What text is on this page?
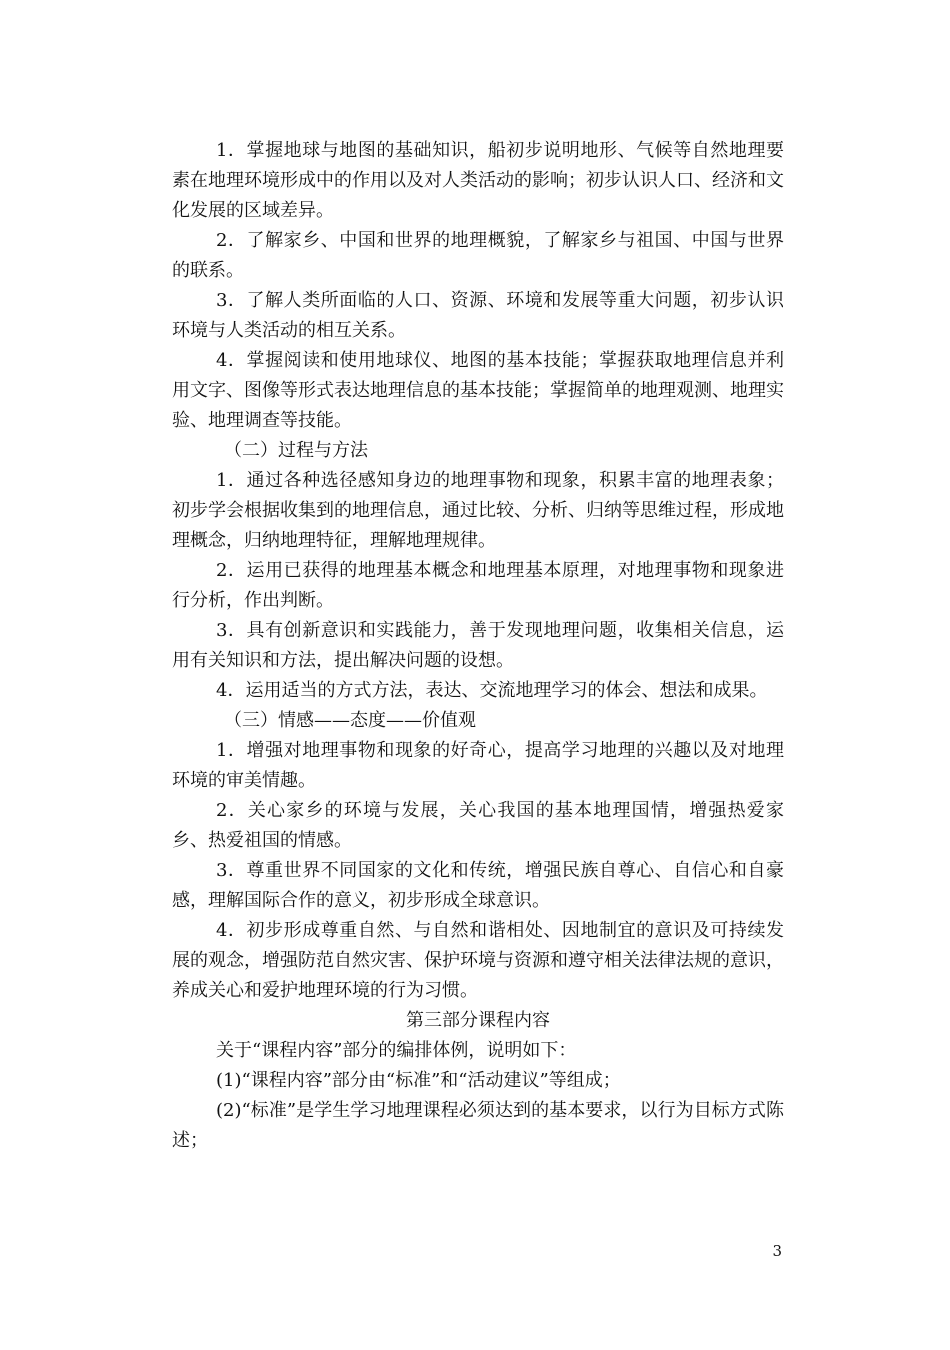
1．掌握地球与地图的基础知识，船初步说明地形、气候等自然地理要素在地理环境形成中的作用以及对人类活动的影响；初步认识人口、经济和文化发展的区域差异。

2．了解家乡、中国和世界的地理概貌，了解家乡与祖国、中国与世界的联系。

3．了解人类所面临的人口、资源、环境和发展等重大问题，初步认识环境与人类活动的相互关系。

4．掌握阅读和使用地球仪、地图的基本技能；掌握获取地理信息并利用文字、图像等形式表达地理信息的基本技能；掌握简单的地理观测、地理实验、地理调查等技能。

（二）过程与方法

1．通过各种选径感知身边的地理事物和现象，积累丰富的地理表象；初步学会根据收集到的地理信息，通过比较、分析、归纳等思维过程，形成地理概念，归纳地理特征，理解地理规律。

2．运用已获得的地理基本概念和地理基本原理，对地理事物和现象进行分析，作出判断。

3．具有创新意识和实践能力，善于发现地理问题，收集相关信息，运用有关知识和方法，提出解决问题的设想。

4．运用适当的方式方法，表达、交流地理学习的体会、想法和成果。

（三）情感——态度——价值观

1．增强对地理事物和现象的好奇心，提高学习地理的兴趣以及对地理环境的审美情趣。

2．关心家乡的环境与发展，关心我国的基本地理国情，增强热爱家乡、热爱祖国的情感。

3．尊重世界不同国家的文化和传统，增强民族自尊心、自信心和自豪感，理解国际合作的意义，初步形成全球意识。

4．初步形成尊重自然、与自然和谐相处、因地制宜的意识及可持续发展的观念，增强防范自然灾害、保护环境与资源和遵守相关法律法规的意识，养成关心和爱护地理环境的行为习惯。

第三部分课程内容

关于“课程内容”部分的编排体例，说明如下：

(1)“课程内容”部分由“标准”和“活动建议”等组成；

(2)“标准”是学生学习地理课程必须达到的基本要求，以行为目标方式陈述；

3
